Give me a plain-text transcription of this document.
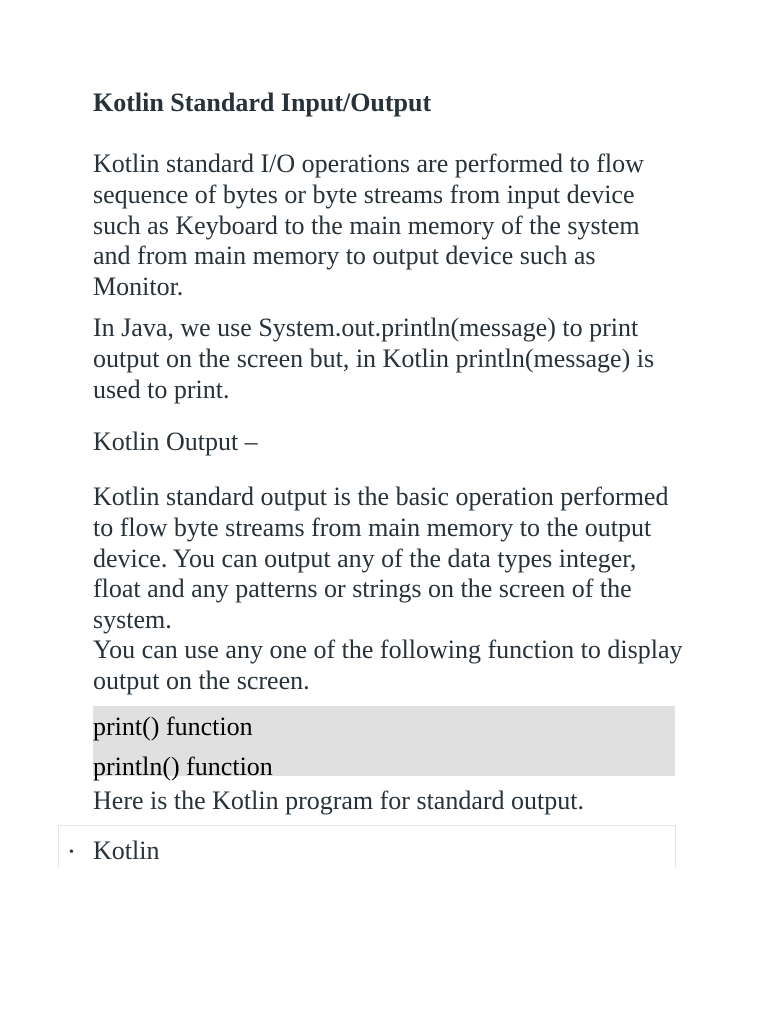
Kotlin Standard Input/Output

Kotlin standard I/O operations are performed to flow sequence of bytes or byte streams from input device such as Keyboard to the main memory of the system and from main memory to output device such as Monitor.

In Java, we use System.out.println(message) to print output on the screen but, in Kotlin println(message) is used to print.

Kotlin Output –

Kotlin standard output is the basic operation performed to flow byte streams from main memory to the output device. You can output any of the data types integer, float and any patterns or strings on the screen of the system.

You can use any one of the following function to display output on the screen.

print() function
println() function

Here is the Kotlin program for standard output.

• Kotlin
